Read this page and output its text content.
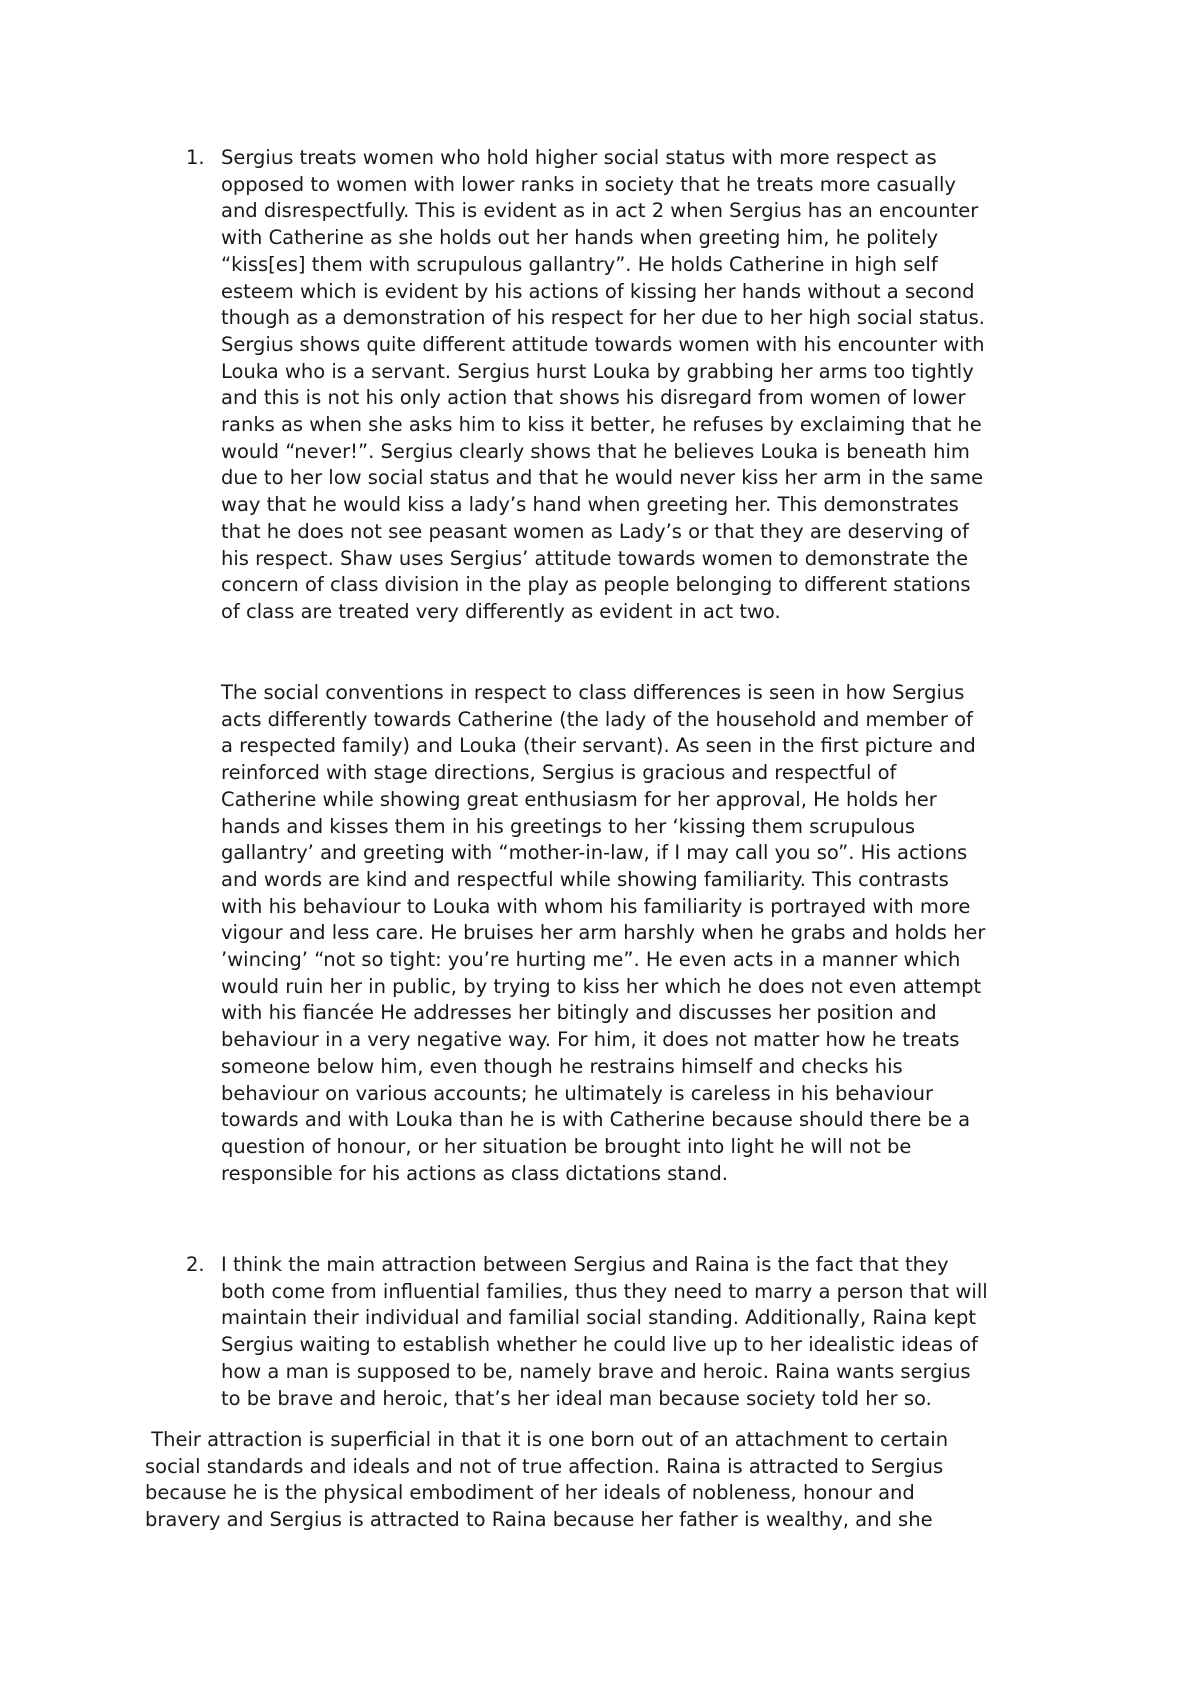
1. Sergius treats women who hold higher social status with more respect as
opposed to women with lower ranks in society that he treats more casually
and disrespectfully. This is evident as in act 2 when Sergius has an encounter
with Catherine as she holds out her hands when greeting him, he politely
“kiss[es] them with scrupulous gallantry”. He holds Catherine in high self
esteem which is evident by his actions of kissing her hands without a second
though as a demonstration of his respect for her due to her high social status.
Sergius shows quite different attitude towards women with his encounter with
Louka who is a servant. Sergius hurst Louka by grabbing her arms too tightly
and this is not his only action that shows his disregard from women of lower
ranks as when she asks him to kiss it better, he refuses by exclaiming that he
would “never!”. Sergius clearly shows that he believes Louka is beneath him
due to her low social status and that he would never kiss her arm in the same
way that he would kiss a lady’s hand when greeting her. This demonstrates
that he does not see peasant women as Lady’s or that they are deserving of
his respect. Shaw uses Sergius’ attitude towards women to demonstrate the
concern of class division in the play as people belonging to different stations
of class are treated very differently as evident in act two.

The social conventions in respect to class differences is seen in how Sergius
acts differently towards Catherine (the lady of the household and member of
a respected family) and Louka (their servant). As seen in the first picture and
reinforced with stage directions, Sergius is gracious and respectful of
Catherine while showing great enthusiasm for her approval, He holds her
hands and kisses them in his greetings to her ‘kissing them scrupulous
gallantry’ and greeting with “mother-in-law, if I may call you so”. His actions
and words are kind and respectful while showing familiarity. This contrasts
with his behaviour to Louka with whom his familiarity is portrayed with more
vigour and less care. He bruises her arm harshly when he grabs and holds her
’wincing’ “not so tight: you’re hurting me”. He even acts in a manner which
would ruin her in public, by trying to kiss her which he does not even attempt
with his fiancée He addresses her bitingly and discusses her position and
behaviour in a very negative way. For him, it does not matter how he treats
someone below him, even though he restrains himself and checks his
behaviour on various accounts; he ultimately is careless in his behaviour
towards and with Louka than he is with Catherine because should there be a
question of honour, or her situation be brought into light he will not be
responsible for his actions as class dictations stand.

2. I think the main attraction between Sergius and Raina is the fact that they
both come from influential families, thus they need to marry a person that will
maintain their individual and familial social standing. Additionally, Raina kept
Sergius waiting to establish whether he could live up to her idealistic ideas of
how a man is supposed to be, namely brave and heroic. Raina wants sergius
to be brave and heroic, that’s her ideal man because society told her so.

Their attraction is superficial in that it is one born out of an attachment to certain
social standards and ideals and not of true affection. Raina is attracted to Sergius
because he is the physical embodiment of her ideals of nobleness, honour and
bravery and Sergius is attracted to Raina because her father is wealthy, and she
